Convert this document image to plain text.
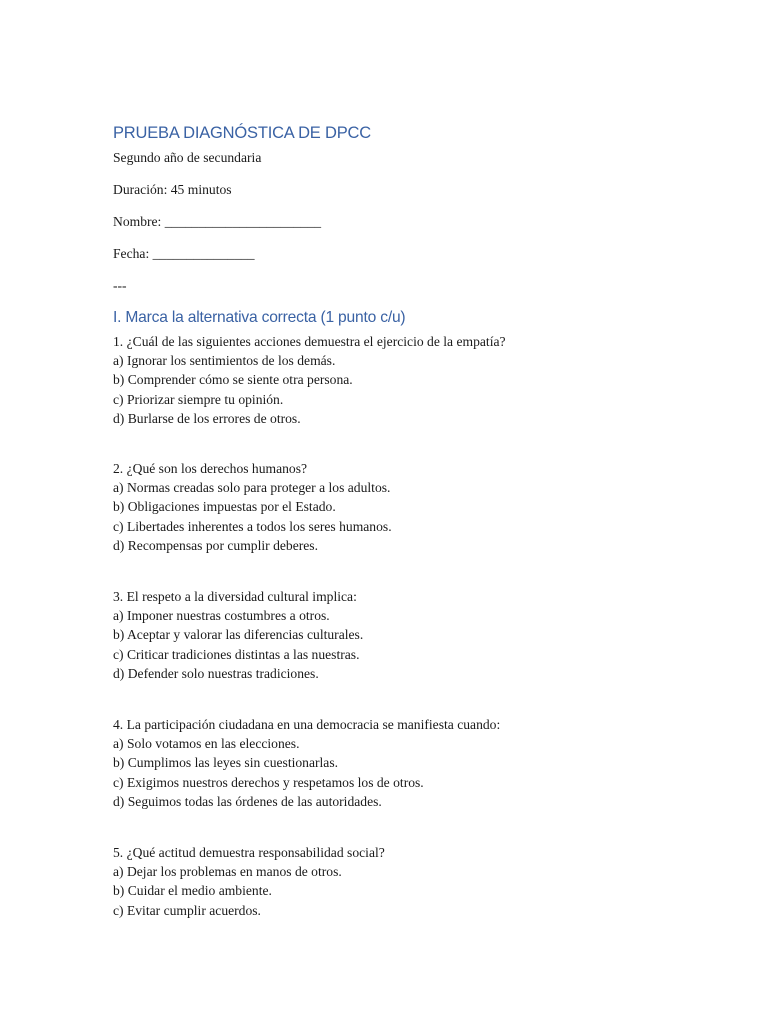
PRUEBA DIAGNÓSTICA DE DPCC

Segundo año de secundaria

Duración: 45 minutos

Nombre: _______________________

Fecha: _______________

---

I. Marca la alternativa correcta (1 punto c/u)
1. ¿Cuál de las siguientes acciones demuestra el ejercicio de la empatía?
a) Ignorar los sentimientos de los demás.
b) Comprender cómo se siente otra persona.
c) Priorizar siempre tu opinión.
d) Burlarse de los errores de otros.
2. ¿Qué son los derechos humanos?
a) Normas creadas solo para proteger a los adultos.
b) Obligaciones impuestas por el Estado.
c) Libertades inherentes a todos los seres humanos.
d) Recompensas por cumplir deberes.
3. El respeto a la diversidad cultural implica:
a) Imponer nuestras costumbres a otros.
b) Aceptar y valorar las diferencias culturales.
c) Criticar tradiciones distintas a las nuestras.
d) Defender solo nuestras tradiciones.
4. La participación ciudadana en una democracia se manifiesta cuando:
a) Solo votamos en las elecciones.
b) Cumplimos las leyes sin cuestionarlas.
c) Exigimos nuestros derechos y respetamos los de otros.
d) Seguimos todas las órdenes de las autoridades.
5. ¿Qué actitud demuestra responsabilidad social?
a) Dejar los problemas en manos de otros.
b) Cuidar el medio ambiente.
c) Evitar cumplir acuerdos.
